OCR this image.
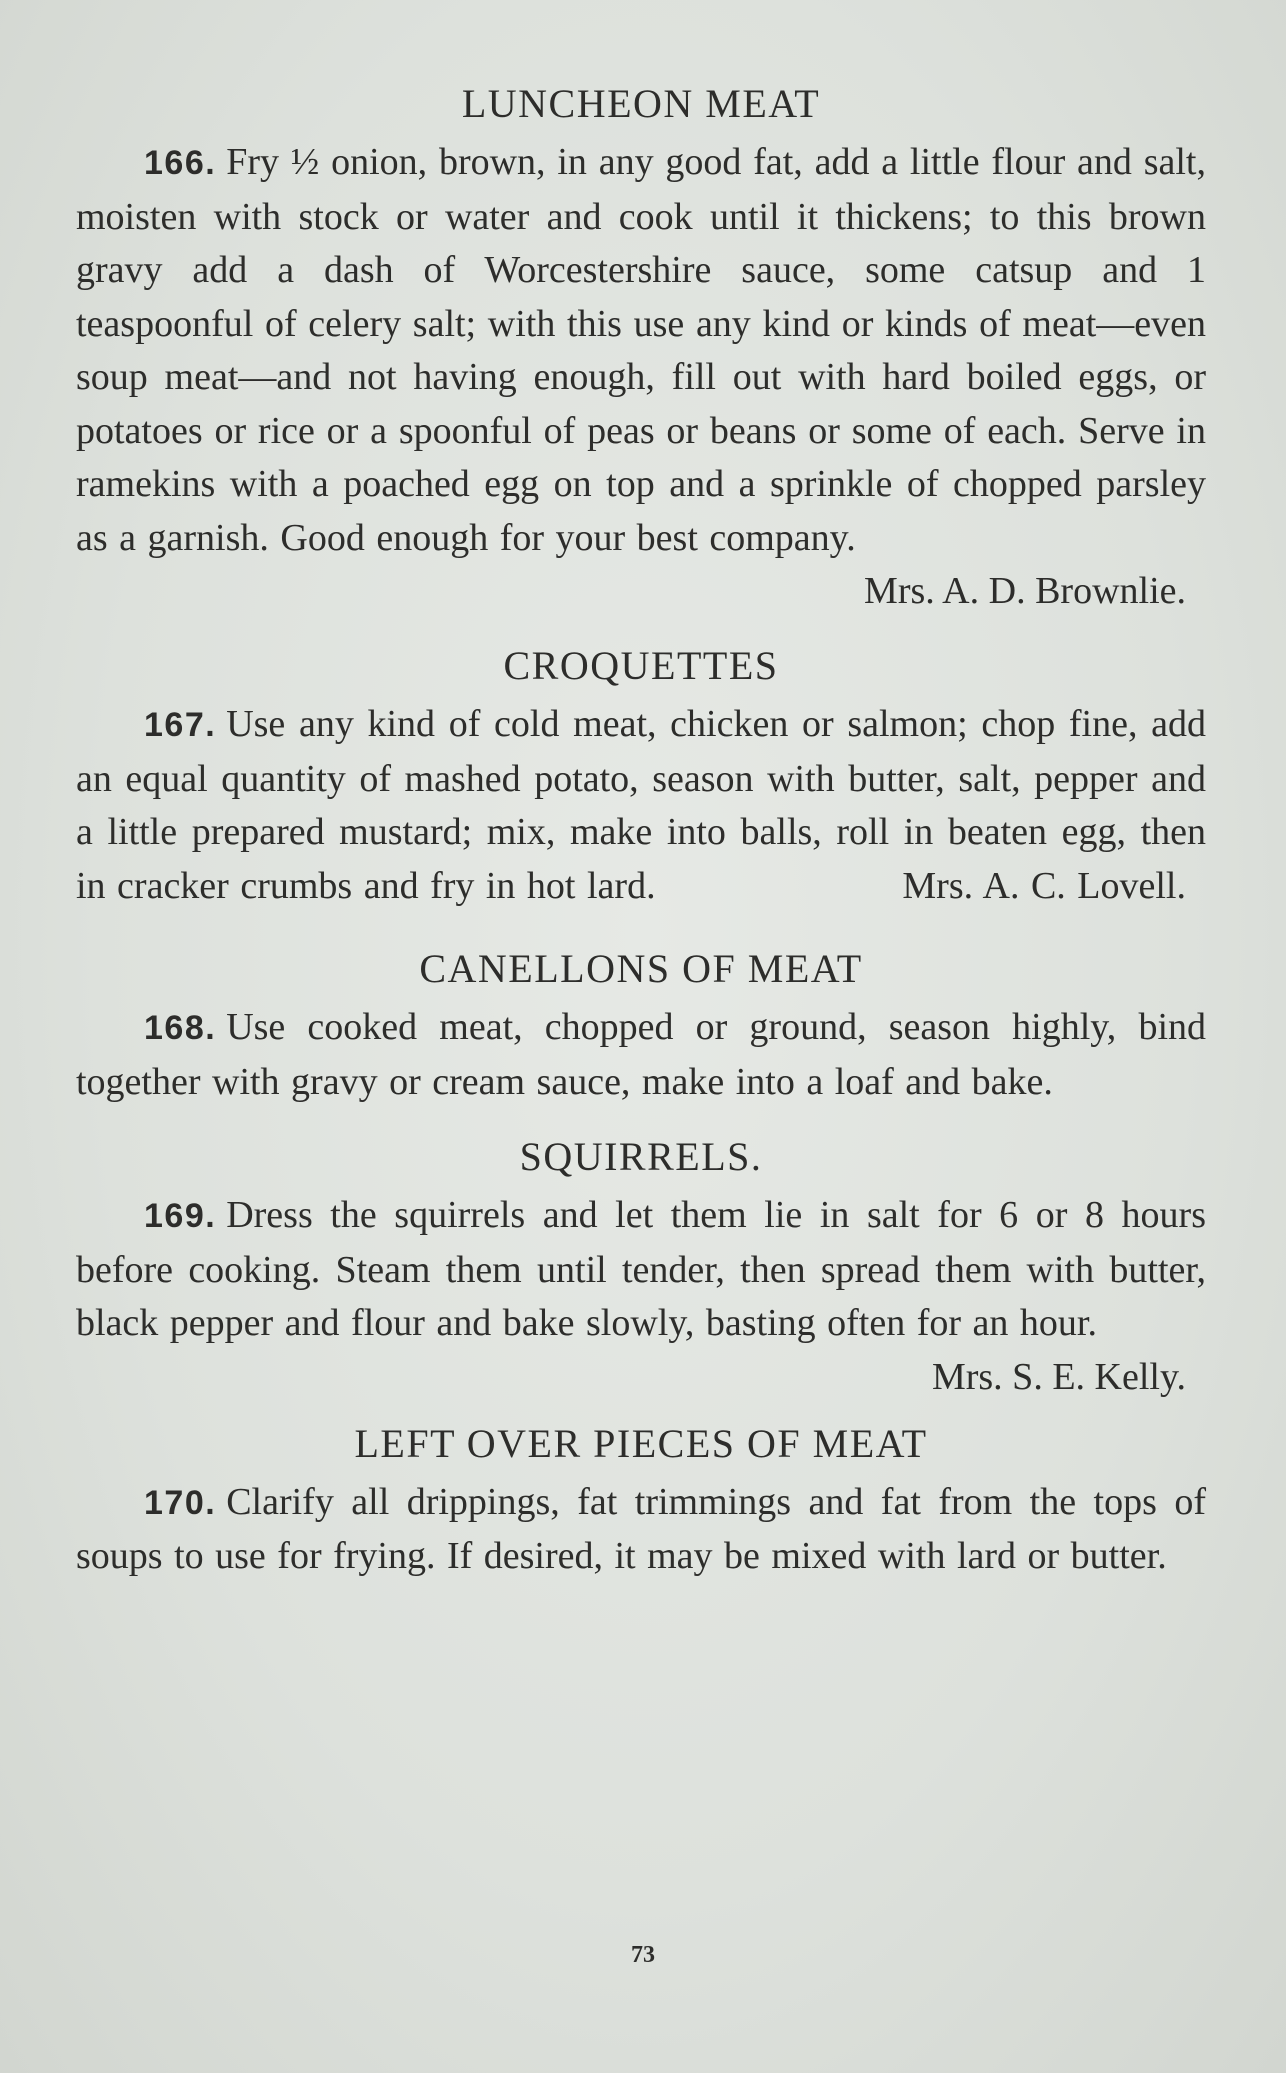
LUNCHEON MEAT

166. Fry ½ onion, brown, in any good fat, add a little flour and salt, moisten with stock or water and cook until it thickens; to this brown gravy add a dash of Worcestershire sauce, some catsup and 1 teaspoonful of celery salt; with this use any kind or kinds of meat—even soup meat—and not having enough, fill out with hard boiled eggs, or potatoes or rice or a spoonful of peas or beans or some of each. Serve in ramekins with a poached egg on top and a sprinkle of chopped parsley as a garnish. Good enough for your best company.

Mrs. A. D. Brownlie.

CROQUETTES

167. Use any kind of cold meat, chicken or salmon; chop fine, add an equal quantity of mashed potato, season with butter, salt, pepper and a little prepared mustard; mix, make into balls, roll in beaten egg, then in cracker crumbs and fry in hot lard.	Mrs. A. C. Lovell.

CANELLONS OF MEAT

168. Use cooked meat, chopped or ground, season highly, bind together with gravy or cream sauce, make into a loaf and bake.

SQUIRRELS.

169. Dress the squirrels and let them lie in salt for 6 or 8 hours before cooking. Steam them until tender, then spread them with butter, black pepper and flour and bake slowly, basting often for an hour.

Mrs. S. E. Kelly.

LEFT OVER PIECES OF MEAT

170. Clarify all drippings, fat trimmings and fat from the tops of soups to use for frying. If desired, it may be mixed with lard or butter.

73
